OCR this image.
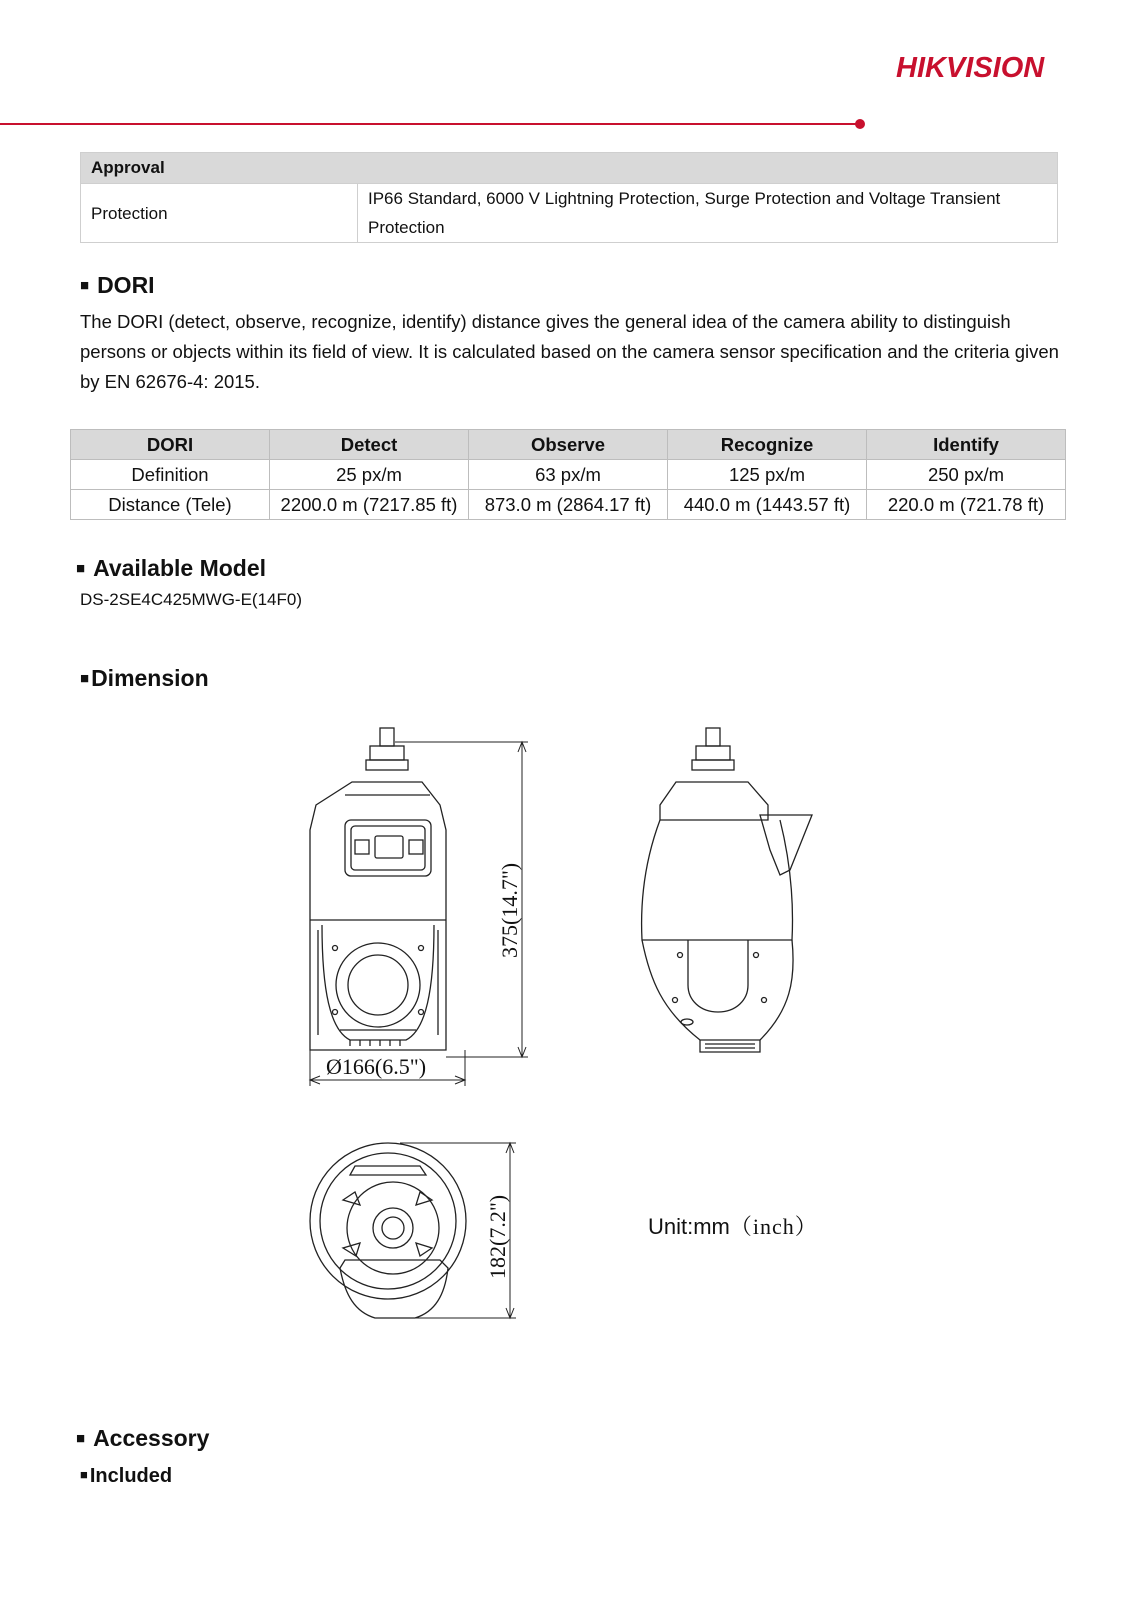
HIKVISION
Approval
Protection	IP66 Standard, 6000 V Lightning Protection, Surge Protection and Voltage Transient Protection
■ DORI
The DORI (detect, observe, recognize, identify) distance gives the general idea of the camera ability to distinguish persons or objects within its field of view. It is calculated based on the camera sensor specification and the criteria given by EN 62676-4: 2015.
DORI	Detect	Observe	Recognize	Identify
Definition	25 px/m	63 px/m	125 px/m	250 px/m
Distance (Tele)	2200.0 m (7217.85 ft)	873.0 m (2864.17 ft)	440.0 m (1443.57 ft)	220.0 m (721.78 ft)
■ Available Model
DS-2SE4C425MWG-E(14F0)
■Dimension
375(14.7")
Ø166(6.5")
182(7.2")	Unit:mm（inch）
■ Accessory
■ Included
